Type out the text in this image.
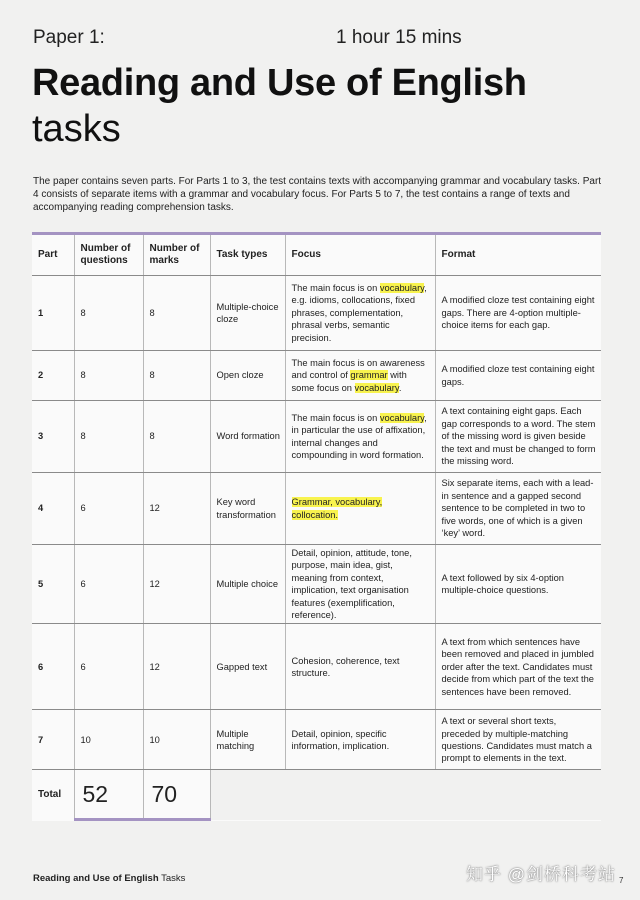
Paper 1:	1 hour 15 mins
Reading and Use of English
tasks
The paper contains seven parts. For Parts 1 to 3, the test contains texts with accompanying grammar and vocabulary tasks. Part 4 consists of separate items with a grammar and vocabulary focus. For Parts 5 to 7, the test contains a range of texts and accompanying reading comprehension tasks.
Part	Number of questions	Number of marks	Task types	Focus	Format
1	8	8	Multiple-choice cloze	The main focus is on vocabulary, e.g. idioms, collocations, fixed phrases, complementation, phrasal verbs, semantic precision.	A modified cloze test containing eight gaps. There are 4-option multiple-choice items for each gap.
2	8	8	Open cloze	The main focus is on awareness and control of grammar with some focus on vocabulary.	A modified cloze test containing eight gaps.
3	8	8	Word formation	The main focus is on vocabulary, in particular the use of affixation, internal changes and compounding in word formation.	A text containing eight gaps. Each gap corresponds to a word. The stem of the missing word is given beside the text and must be changed to form the missing word.
4	6	12	Key word transformation	Grammar, vocabulary, collocation.	Six separate items, each with a lead-in sentence and a gapped second sentence to be completed in two to five words, one of which is a given ‘key’ word.
5	6	12	Multiple choice	Detail, opinion, attitude, tone, purpose, main idea, gist, meaning from context, implication, text organisation features (exemplification, reference).	A text followed by six 4-option multiple-choice questions.
6	6	12	Gapped text	Cohesion, coherence, text structure.	A text from which sentences have been removed and placed in jumbled order after the text. Candidates must decide from which part of the text the sentences have been removed.
7	10	10	Multiple matching	Detail, opinion, specific information, implication.	A text or several short texts, preceded by multiple-matching questions. Candidates must match a prompt to elements in the text.
Total	52	70			
Reading and Use of English Tasks	知乎 @剑桥科考站 7
